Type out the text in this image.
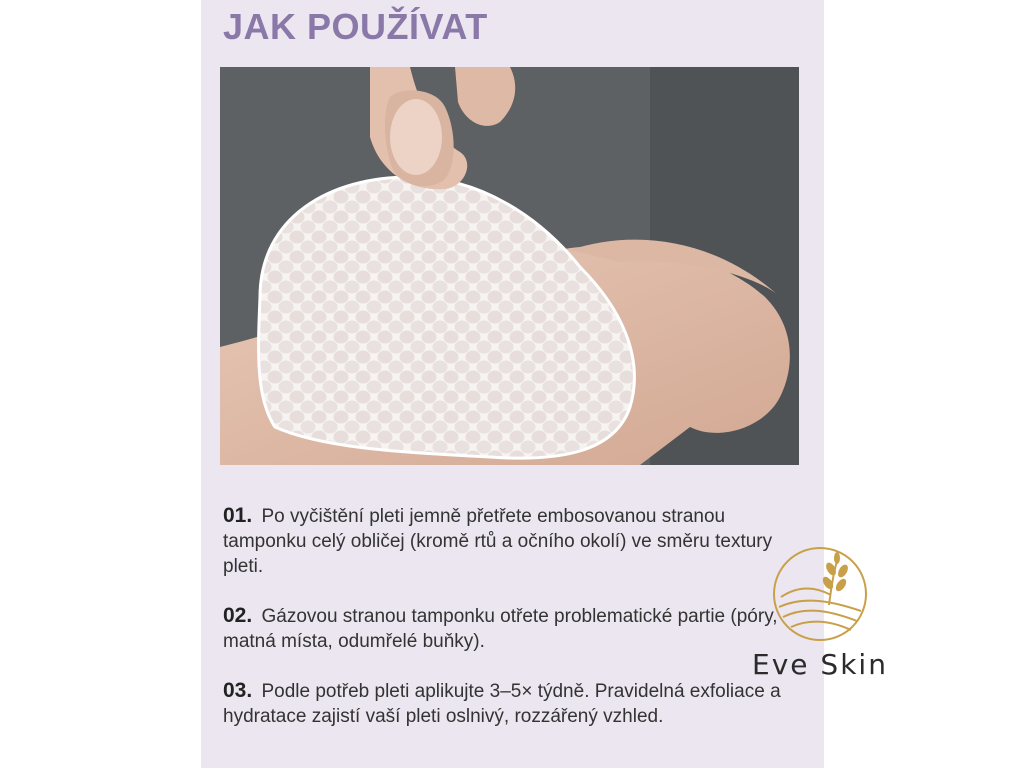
JAK POUŽÍVAT
01. Po vyčištění pleti jemně přetřete embosovanou stranou tamponku celý obličej (kromě rtů a očního okolí) ve směru textury pleti.
02. Gázovou stranou tamponku otřete problematické partie (póry, matná místa, odumřelé buňky).
03. Podle potřeb pleti aplikujte 3–5× týdně. Pravidelná exfoliace a hydratace zajistí vaší pleti oslnivý, rozzářený vzhled.
Eve Skin
